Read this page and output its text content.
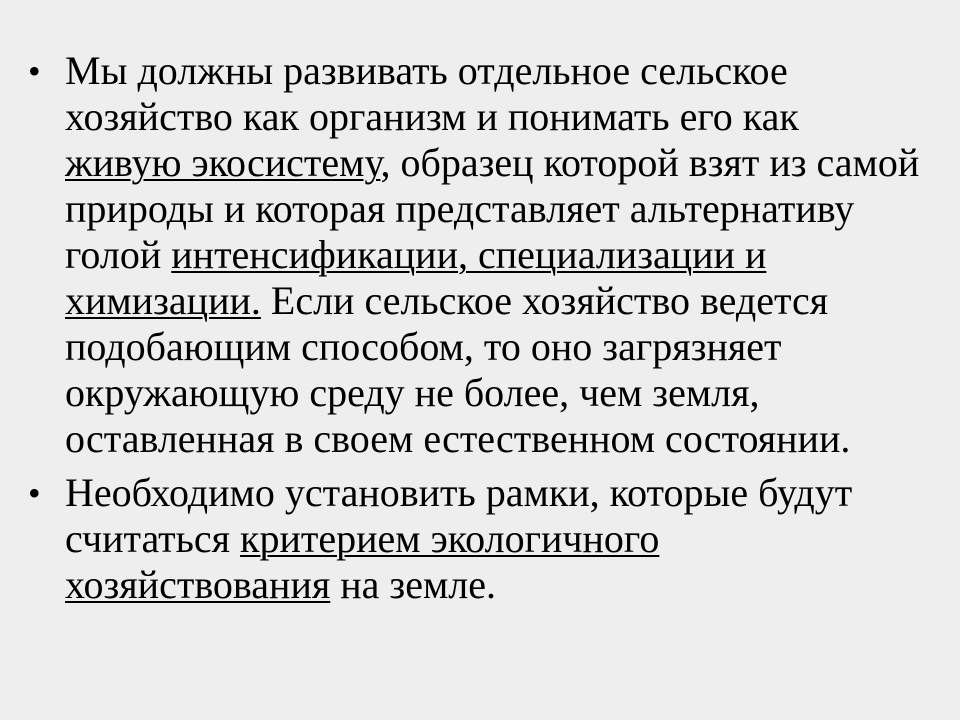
• Мы должны развивать отдельное сельское хозяйство как организм и понимать его как живую экосистему, образец которой взят из самой природы и которая представляет альтернативу голой интенсификации, специализации и химизации. Если сельское хозяйство ведется подобающим способом, то оно загрязняет окружающую среду не более, чем земля, оставленная в своем естественном состоянии.
• Необходимо установить рамки, которые будут считаться критерием экологичного хозяйствования на земле.
